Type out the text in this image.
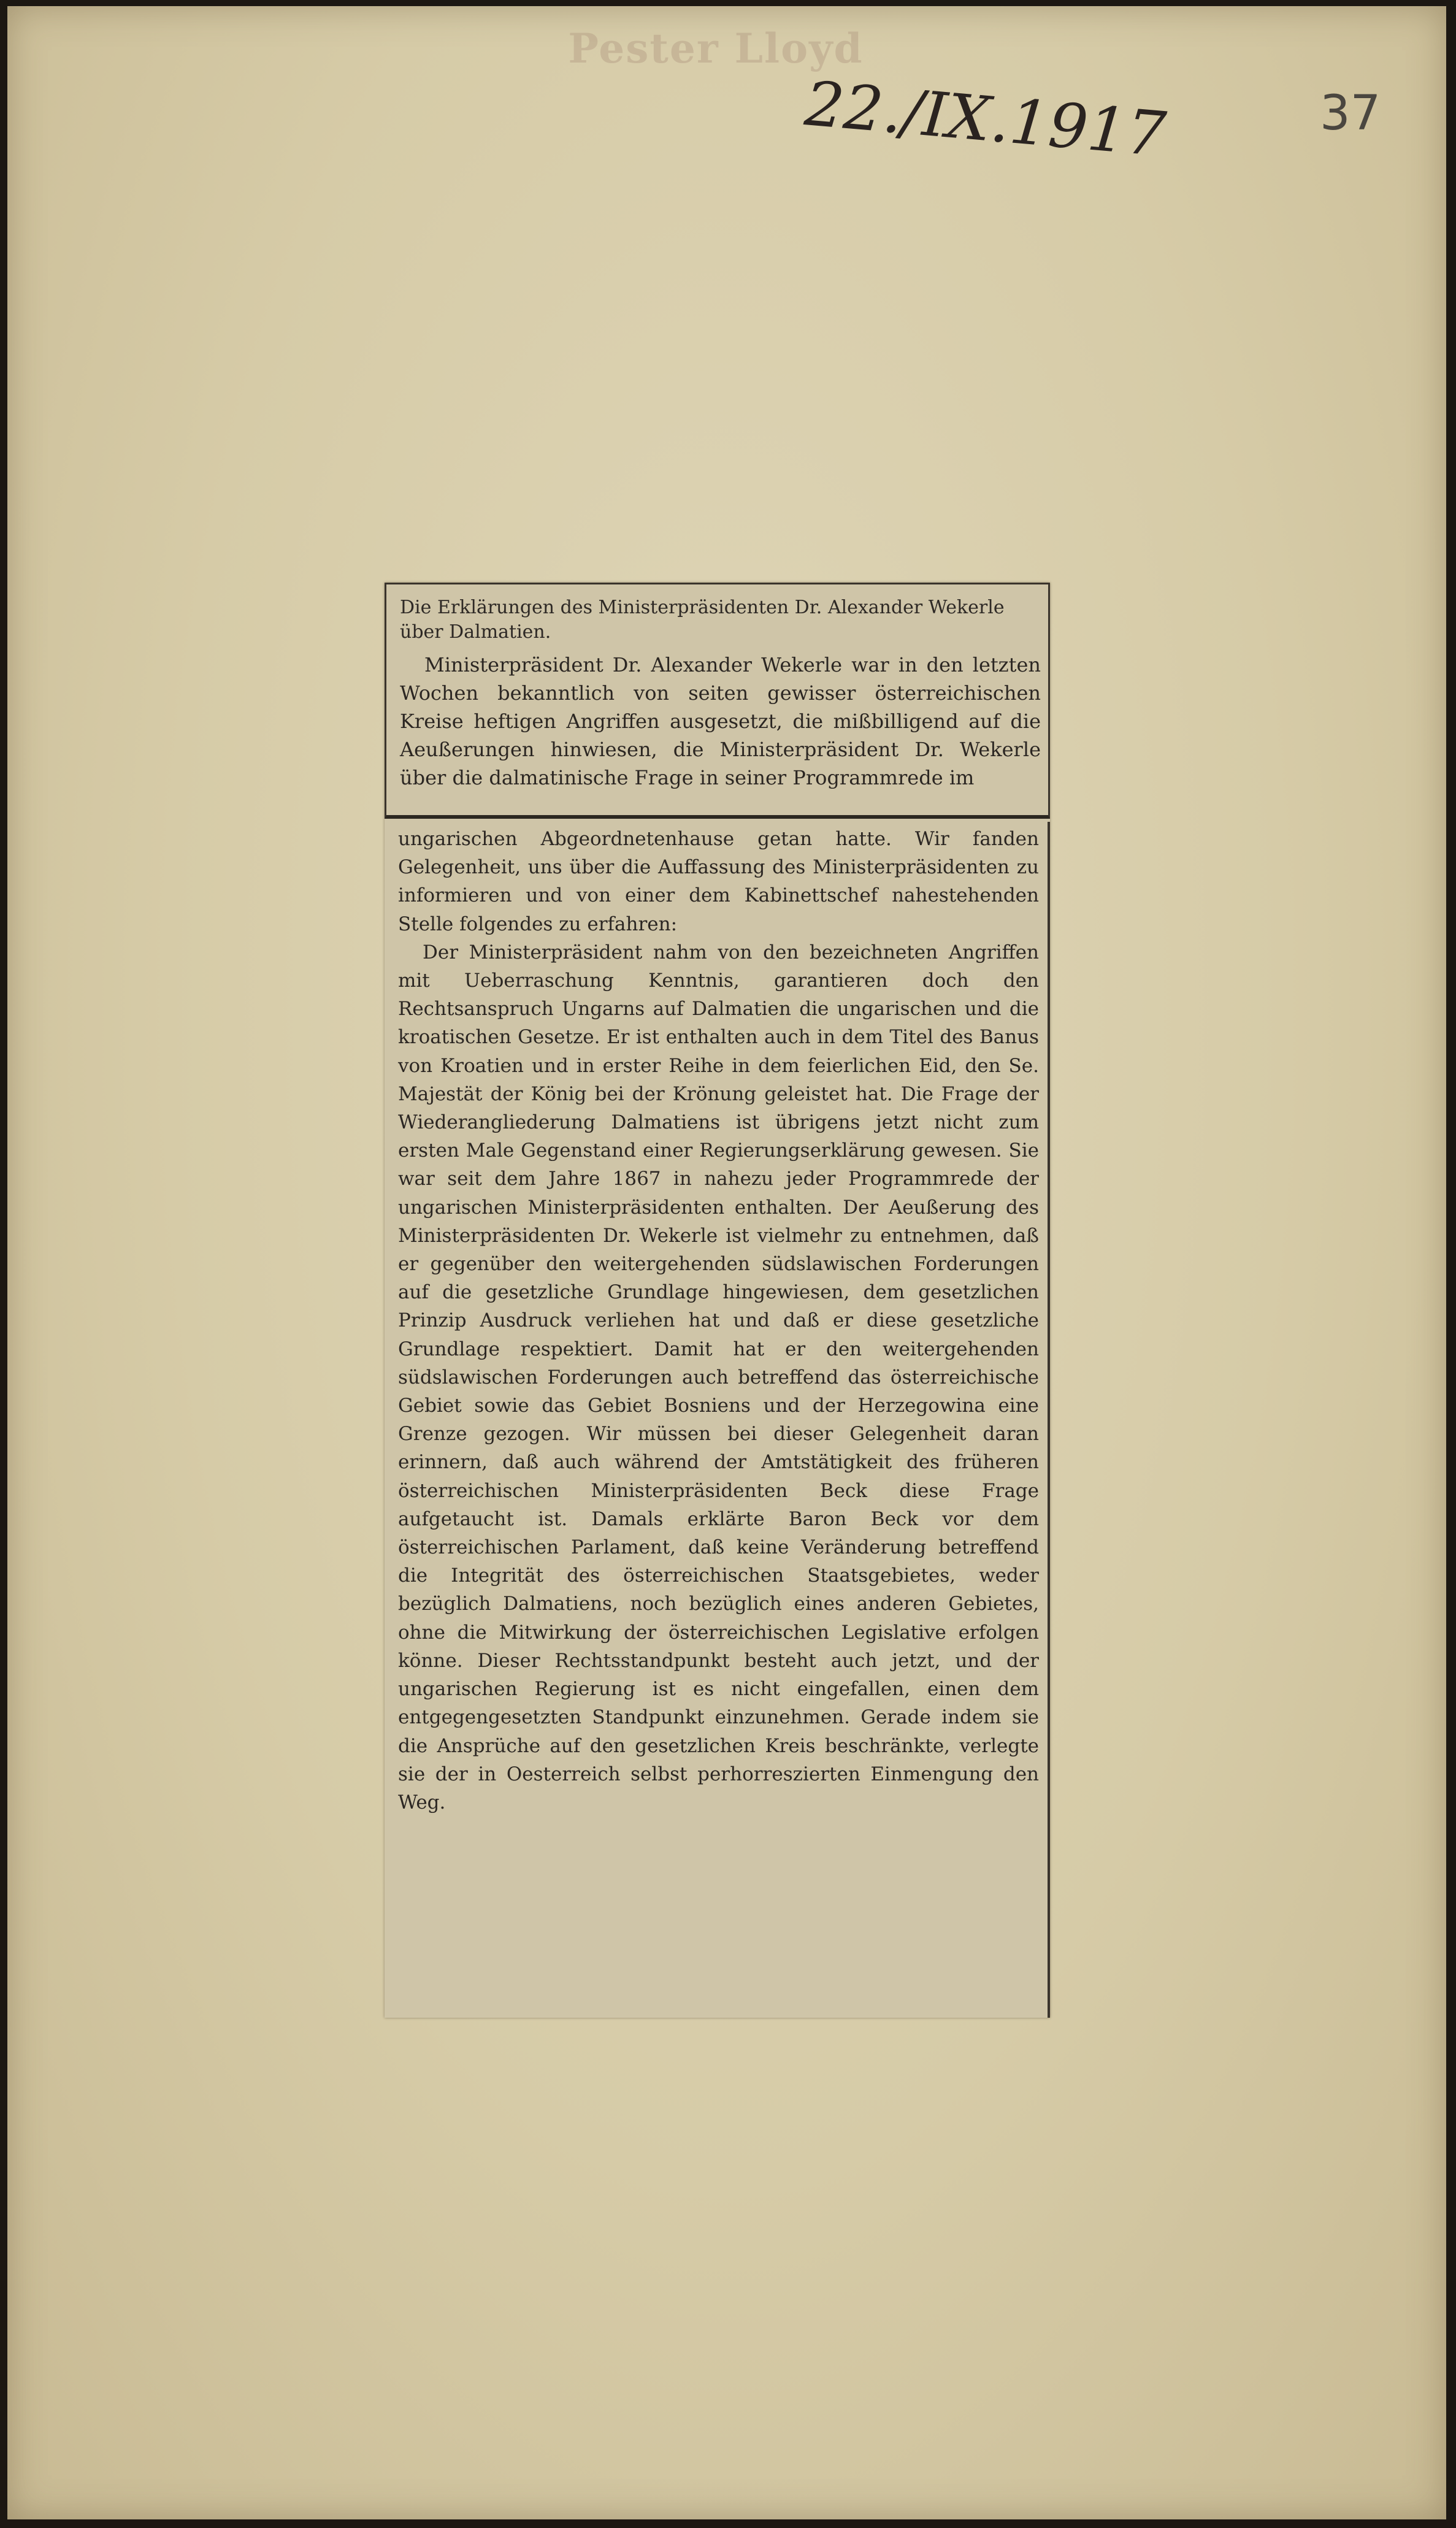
Pester Lloyd
22./IX.1917	37
Die Erklärungen des Ministerpräsidenten Dr. Alexander Wekerle über Dalmatien.
Ministerpräsident Dr. Alexander Wekerle war in den letzten Wochen bekanntlich von seiten gewisser österreichischen Kreise heftigen Angriffen ausgesetzt, die mißbilligend auf die Aeußerungen hinwiesen, die Ministerpräsident Dr. Wekerle über die dalmatinische Frage in seiner Programmrede im

ungarischen Abgeordnetenhause getan hatte. Wir fanden Gelegenheit, uns über die Auffassung des Ministerpräsidenten zu informieren und von einer dem Kabinettschef nahestehenden Stelle folgendes zu erfahren:

Der Ministerpräsident nahm von den bezeichneten Angriffen mit Ueberraschung Kenntnis, garantieren doch den Rechtsanspruch Ungarns auf Dalmatien die ungarischen und die kroatischen Gesetze. Er ist enthalten auch in dem Titel des Banus von Kroatien und in erster Reihe in dem feierlichen Eid, den Se. Majestät der König bei der Krönung geleistet hat. Die Frage der Wiederangliederung Dalmatiens ist übrigens jetzt nicht zum ersten Male Gegenstand einer Regierungserklärung gewesen. Sie war seit dem Jahre 1867 in nahezu jeder Programmrede der ungarischen Ministerpräsidenten enthalten. Der Aeußerung des Ministerpräsidenten Dr. Wekerle ist vielmehr zu entnehmen, daß er gegenüber den weitergehenden südslawischen Forderungen auf die gesetzliche Grundlage hingewiesen, dem gesetzlichen Prinzip Ausdruck verliehen hat und daß er diese gesetzliche Grundlage respektiert. Damit hat er den weitergehenden südslawischen Forderungen auch betreffend das österreichische Gebiet sowie das Gebiet Bosniens und der Herzegowina eine Grenze gezogen. Wir müssen bei dieser Gelegenheit daran erinnern, daß auch während der Amtstätigkeit des früheren österreichischen Ministerpräsidenten Beck diese Frage aufgetaucht ist. Damals erklärte Baron Beck vor dem österreichischen Parlament, daß keine Veränderung betreffend die Integrität des österreichischen Staatsgebietes, weder bezüglich Dalmatiens, noch bezüglich eines anderen Gebietes, ohne die Mitwirkung der österreichischen Legislative erfolgen könne. Dieser Rechtsstandpunkt besteht auch jetzt, und der ungarischen Regierung ist es nicht eingefallen, einen dem entgegengesetzten Standpunkt einzunehmen. Gerade indem sie die Ansprüche auf den gesetzlichen Kreis beschränkte, verlegte sie der in Oesterreich selbst perhorreszierten Einmengung den Weg.
